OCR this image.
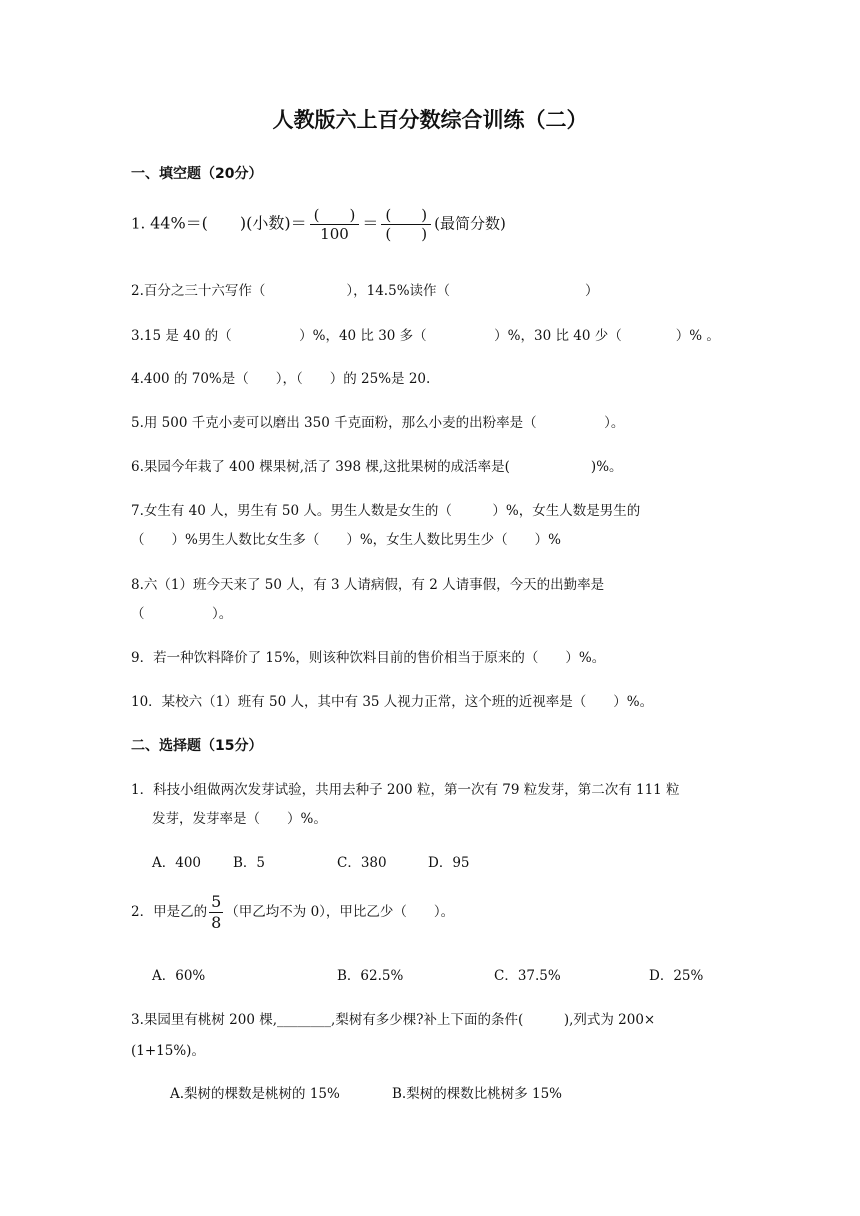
人教版六上百分数综合训练（二）
一、填空题（20分）
1. 44%＝(　　)(小数)＝ $\frac{( )}{100} = \frac{( )}{( )}$ (最简分数)
2.百分之三十六写作（　　　　　　），14.5%读作（　　　　　　　　　　）
3.15 是 40 的（　　　　　）%，40 比 30 多（　　　　　）%，30 比 40 少（　　　　）% 。
4.400 的 70%是（　　），（　　）的 25%是 20.
5.用 500 千克小麦可以磨出 350 千克面粉，那么小麦的出粉率是（　　　　　）。
6.果园今年栽了 400 棵果树,活了 398 棵,这批果树的成活率是(　　　　　　)%。
7.女生有 40 人，男生有 50 人。男生人数是女生的（　　　）%，女生人数是男生的
（　　）%男生人数比女生多（　　）%，女生人数比男生少（　　）%
8.六（1）班今天来了 50 人，有 3 人请病假，有 2 人请事假，今天的出勤率是
（　　　　　）。
9．若一种饮料降价了 15%，则该种饮料目前的售价相当于原来的（　　）%。
10．某校六（1）班有 50 人，其中有 35 人视力正常，这个班的近视率是（　　）%。
二、选择题（15分）
1．科技小组做两次发芽试验，共用去种子 200 粒，第一次有 79 粒发芽，第二次有 111 粒
发芽，发芽率是（　　）%。
A．400 B．5	C．380	D．95
2．甲是乙的 $\frac{5}{8}$ （甲乙均不为 0），甲比乙少（　　）。
A．60%	B．62.5%	C．37.5%	D．25%
3.果园里有桃树 200 棵,________,梨树有多少棵?补上下面的条件(　　　),列式为 200×
(1+15%)。
A.梨树的棵数是桃树的 15%	B.梨树的棵数比桃树多 15%
